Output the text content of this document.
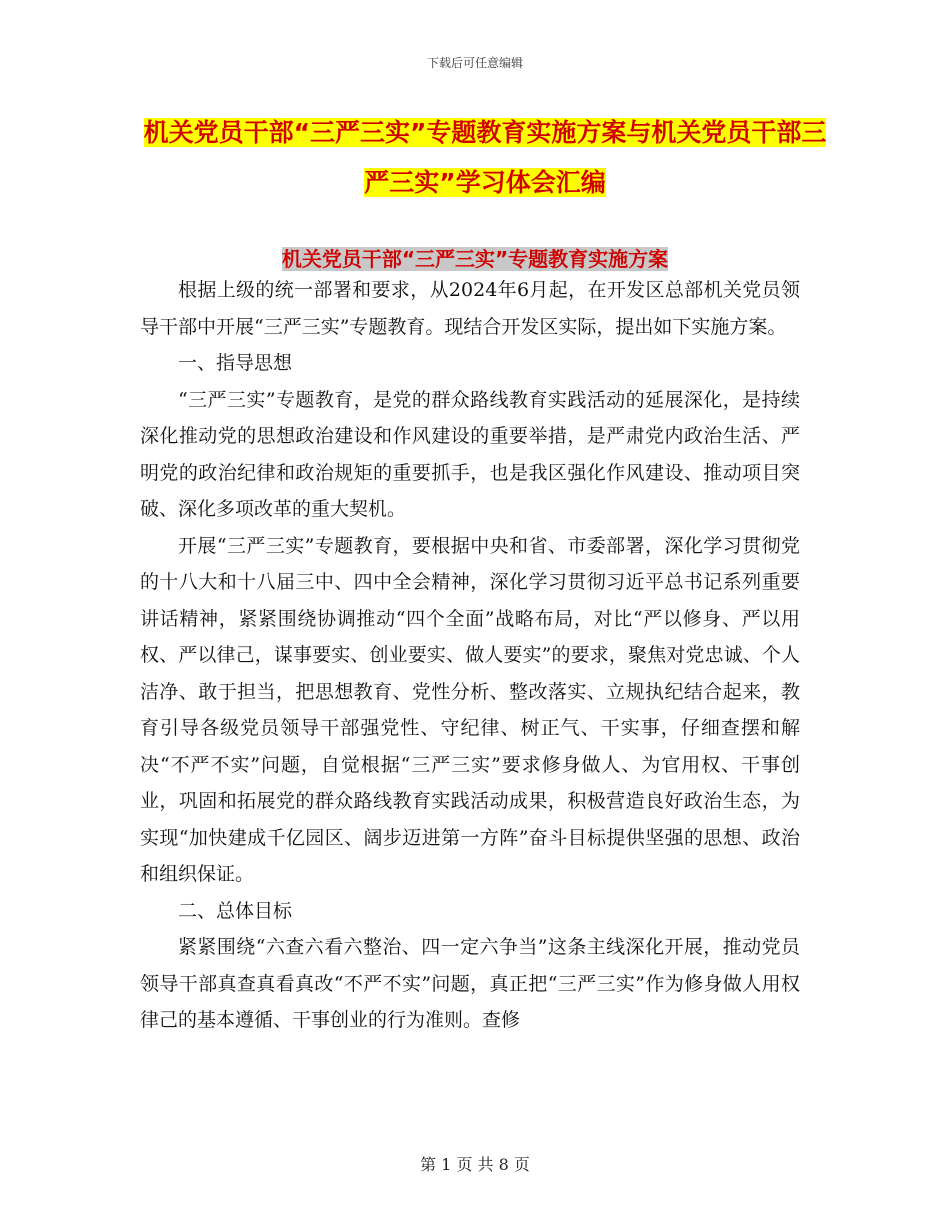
下载后可任意编辑
机关党员干部“三严三实”专题教育实施方案与机关党员干部三严三实”学习体会汇编
机关党员干部“三严三实”专题教育实施方案

根据上级的统一部署和要求，从2024年6月起，在开发区总部机关党员领导干部中开展“三严三实”专题教育。现结合开发区实际，提出如下实施方案。

一、指导思想

“三严三实”专题教育，是党的群众路线教育实践活动的延展深化，是持续深化推动党的思想政治建设和作风建设的重要举措，是严肃党内政治生活、严明党的政治纪律和政治规矩的重要抓手，也是我区强化作风建设、推动项目突破、深化多项改革的重大契机。

开展“三严三实”专题教育，要根据中央和省、市委部署，深化学习贯彻党的十八大和十八届三中、四中全会精神，深化学习贯彻习近平总书记系列重要讲话精神，紧紧围绕协调推动“四个全面”战略布局，对比“严以修身、严以用权、严以律己，谋事要实、创业要实、做人要实”的要求，聚焦对党忠诚、个人洁净、敢于担当，把思想教育、党性分析、整改落实、立规执纪结合起来，教育引导各级党员领导干部强党性、守纪律、树正气、干实事，仔细查摆和解决“不严不实”问题，自觉根据“三严三实”要求修身做人、为官用权、干事创业，巩固和拓展党的群众路线教育实践活动成果，积极营造良好政治生态，为实现“加快建成千亿园区、阔步迈进第一方阵”奋斗目标提供坚强的思想、政治和组织保证。

二、总体目标

紧紧围绕“六查六看六整治、四一定六争当”这条主线深化开展，推动党员领导干部真查真看真改“不严不实”问题，真正把“三严三实”作为修身做人用权律己的基本遵循、干事创业的行为准则。查修

第 1 页 共 8 页
